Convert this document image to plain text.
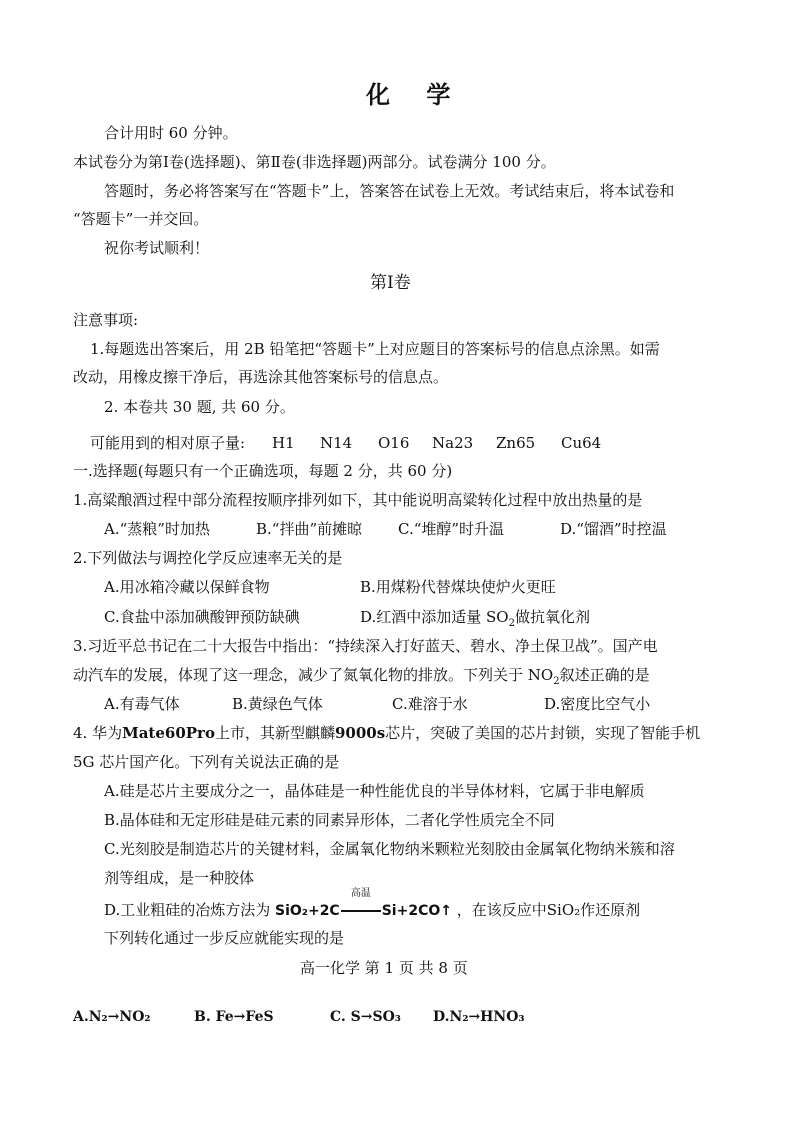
化 学
合计用时 60 分钟。
本试卷分为第Ⅰ卷(选择题)、第Ⅱ卷(非选择题)两部分。试卷满分 100 分。
答题时，务必将答案写在“答题卡”上，答案答在试卷上无效。考试结束后，将本试卷和
“答题卡”一并交回。
祝你考试顺利！
第Ⅰ卷
注意事项:
1.每题选出答案后，用 2B 铅笔把“答题卡”上对应题目的答案标号的信息点涂黑。如需
改动，用橡皮擦干净后，再选涂其他答案标号的信息点。
2. 本卷共 30 题, 共 60 分。
可能用到的相对原子量: H1 N14 O16 Na23 Zn65 Cu64
一.选择题(每题只有一个正确选项，每题 2 分，共 60 分)
1.高粱酿酒过程中部分流程按顺序排列如下，其中能说明高粱转化过程中放出热量的是
A.“蒸粮”时加热	B.“拌曲”前摊晾 C.“堆醇”时升温	D.“馏酒”时控温
2.下列做法与调控化学反应速率无关的是
A.用冰箱冷藏以保鲜食物	B.用煤粉代替煤块使炉火更旺
C.食盐中添加碘酸钾预防缺碘	D.红酒中添加适量 $SO_2$做抗氧化剂
3.习近平总书记在二十大报告中指出：“持续深入打好蓝天、碧水、净土保卫战”。国产电
动汽车的发展，体现了这一理念，减少了氮氧化物的排放。下列关于 $NO_2$叙述正确的是
A.有毒气体	B.黄绿色气体	C.难溶于水	D.密度比空气小
4. 华为Mate60Pro上市，其新型麒麟9000s芯片，突破了美国的芯片封锁，实现了智能手机
5G 芯片国产化。下列有关说法正确的是
A.硅是芯片主要成分之一，晶体硅是一种性能优良的半导体材料，它属于非电解质
B.晶体硅和无定形硅是硅元素的同素异形体，二者化学性质完全不同
C.光刻胶是制造芯片的关键材料，金属氧化物纳米颗粒光刻胶由金属氧化物纳米簇和溶
剂等组成，是一种胶体
D.工业粗硅的冶炼方法为 SiO₂+2C
高温
Si+2CO↑ ，在该反应中SiO₂作还原剂
下列转化通过一步反应就能实现的是
高一化学 第 1 页 共 8 页
A.N₂→NO₂	B. Fe→FeS	C. S→SO₃ D.N₂→HNO₃
